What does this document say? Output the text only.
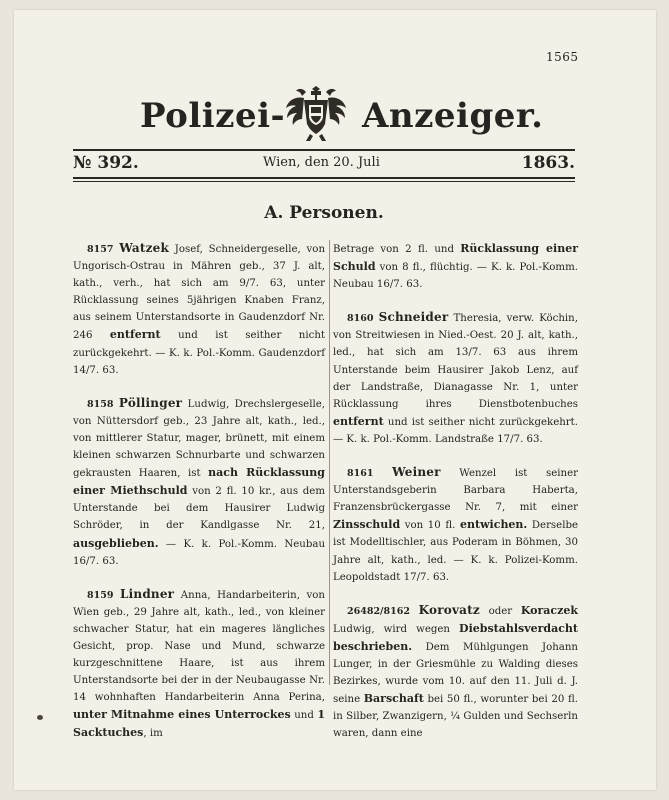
1565
Polizei- Anzeiger.
№ 392.	Wien, den 20. Juli	1863.
A. Personen.

8157 Watzek Josef, Schneidergeselle, von Ungorisch-Ostrau in Mähren geb., 37 J. alt, kath., verh., hat sich am 9/7. 63, unter Rücklassung seines 5jährigen Knaben Franz, aus seinem Unterstandsorte in Gaudenzdorf Nr. 246 entfernt und ist seither nicht zurückgekehrt. — K. k. Pol.-Komm. Gaudenzdorf 14/7. 63.

8158 Pöllinger Ludwig, Drechslergeselle, von Nüttersdorf geb., 23 Jahre alt, kath., led., von mittlerer Statur, mager, brünett, mit einem kleinen schwarzen Schnurbarte und schwarzen gekrausten Haaren, ist nach Rücklassung einer Miethschuld von 2 fl. 10 kr., aus dem Unterstande bei dem Hausirer Ludwig Schröder, in der Kandlgasse Nr. 21, ausgeblieben. — K. k. Pol.-Komm. Neubau 16/7. 63.

8159 Lindner Anna, Handarbeiterin, von Wien geb., 29 Jahre alt, kath., led., von kleiner schwacher Statur, hat ein mageres längliches Gesicht, prop. Nase und Mund, schwarze kurzgeschnittene Haare, ist aus ihrem Unterstandsorte bei der in der Neubaugasse Nr. 14 wohnhaften Handarbeiterin Anna Perina, unter Mitnahme eines Unterrockes und 1 Sacktuches, im

Betrage von 2 fl. und Rücklassung einer Schuld von 8 fl., flüchtig. — K. k. Pol.-Komm. Neubau 16/7. 63.

8160 Schneider Theresia, verw. Köchin, von Streitwiesen in Nied.-Oest. 20 J. alt, kath., led., hat sich am 13/7. 63 aus ihrem Unterstande beim Hausirer Jakob Lenz, auf der Landstraße, Dianagasse Nr. 1, unter Rücklassung ihres Dienstbotenbuches entfernt und ist seither nicht zurückgekehrt. — K. k. Pol.-Komm. Landstraße 17/7. 63.

8161 Weiner Wenzel ist seiner Unterstandsgeberin Barbara Haberta, Franzensbrückergasse Nr. 7, mit einer Zinsschuld von 10 fl. entwichen. Derselbe ist Modelltischler, aus Poderam in Böhmen, 30 Jahre alt, kath., led. — K. k. Polizei-Komm. Leopoldstadt 17/7. 63.

26482/8162 Korovatz oder Koraczek Ludwig, wird wegen Diebstahlsverdacht beschrieben. Dem Mühlgungen Johann Lunger, in der Griesmühle zu Walding dieses Bezirkes, wurde vom 10. auf den 11. Juli d. J. seine Barschaft bei 50 fl., worunter bei 20 fl. in Silber, Zwanzigern, ¼ Gulden und Sechserln waren, dann eine
